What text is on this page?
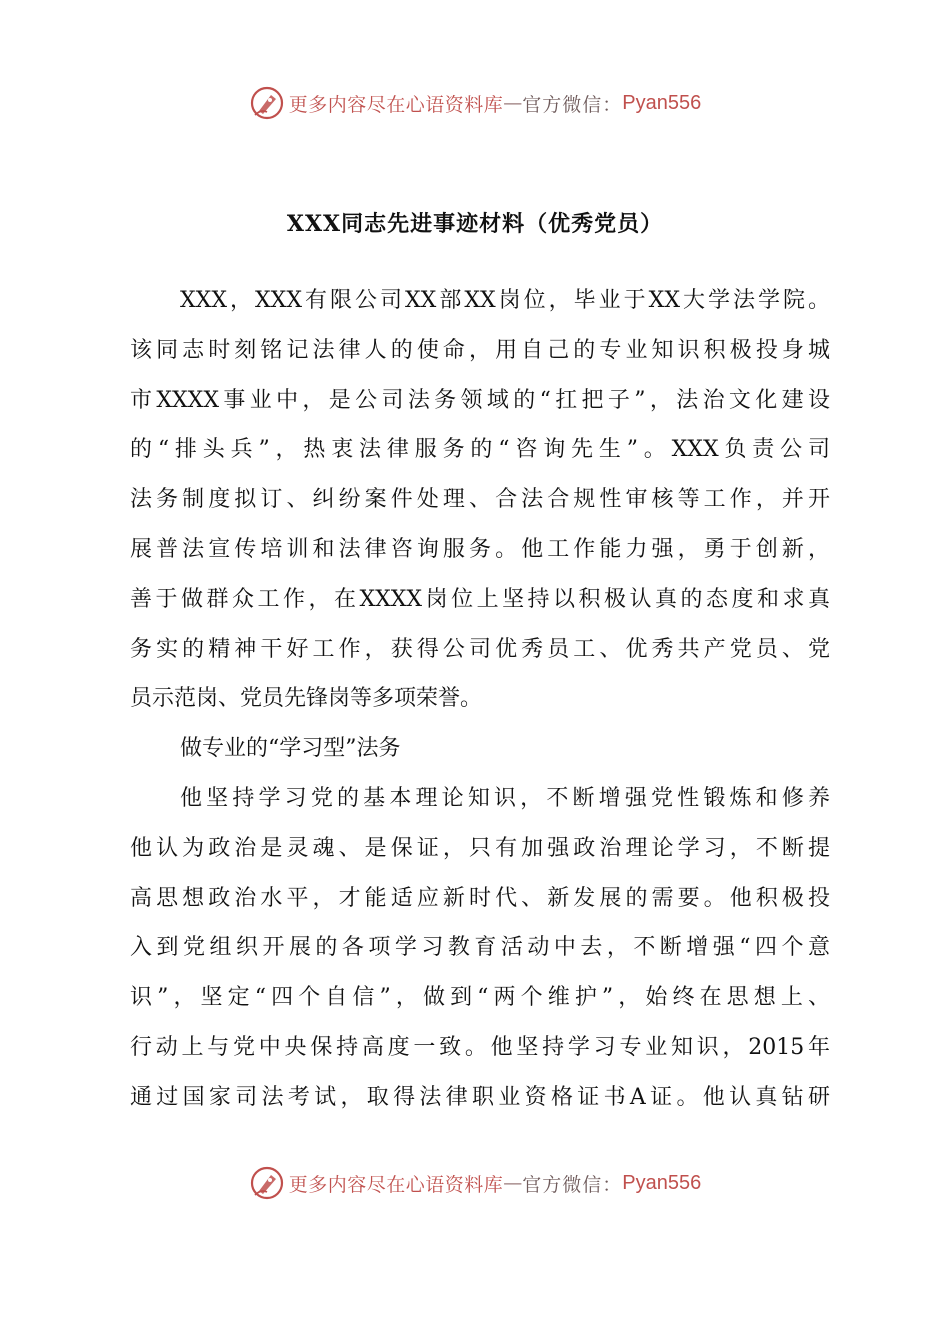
更多内容尽在心语资料库 — 官方微信： Pyan556
XXX同志先进事迹材料（优秀党员）
XXX，XXX有限公司XX部XX岗位，毕业于XX大学法学院。
该同志时刻铭记法律人的使命，用自己的专业知识积极投身城
市XXXX事业中，是公司法务领域的“扛把子”，法治文化建设
的“排头兵”，热衷法律服务的“咨询先生”。XXX负责公司
法务制度拟订、纠纷案件处理、合法合规性审核等工作，并开
展普法宣传培训和法律咨询服务。他工作能力强，勇于创新，
善于做群众工作，在XXXX岗位上坚持以积极认真的态度和求真
务实的精神干好工作，获得公司优秀员工、优秀共产党员、党
员示范岗、党员先锋岗等多项荣誉。
做专业的“学习型”法务
他坚持学习党的基本理论知识，不断增强党性锻炼和修养
他认为政治是灵魂、是保证，只有加强政治理论学习，不断提
高思想政治水平，才能适应新时代、新发展的需要。他积极投
入到党组织开展的各项学习教育活动中去，不断增强“四个意
识”，坚定“四个自信”，做到“两个维护”，始终在思想上、
行动上与党中央保持高度一致。他坚持学习专业知识，2015年
通过国家司法考试，取得法律职业资格证书A证。他认真钻研
更多内容尽在心语资料库 — 官方微信： Pyan556
